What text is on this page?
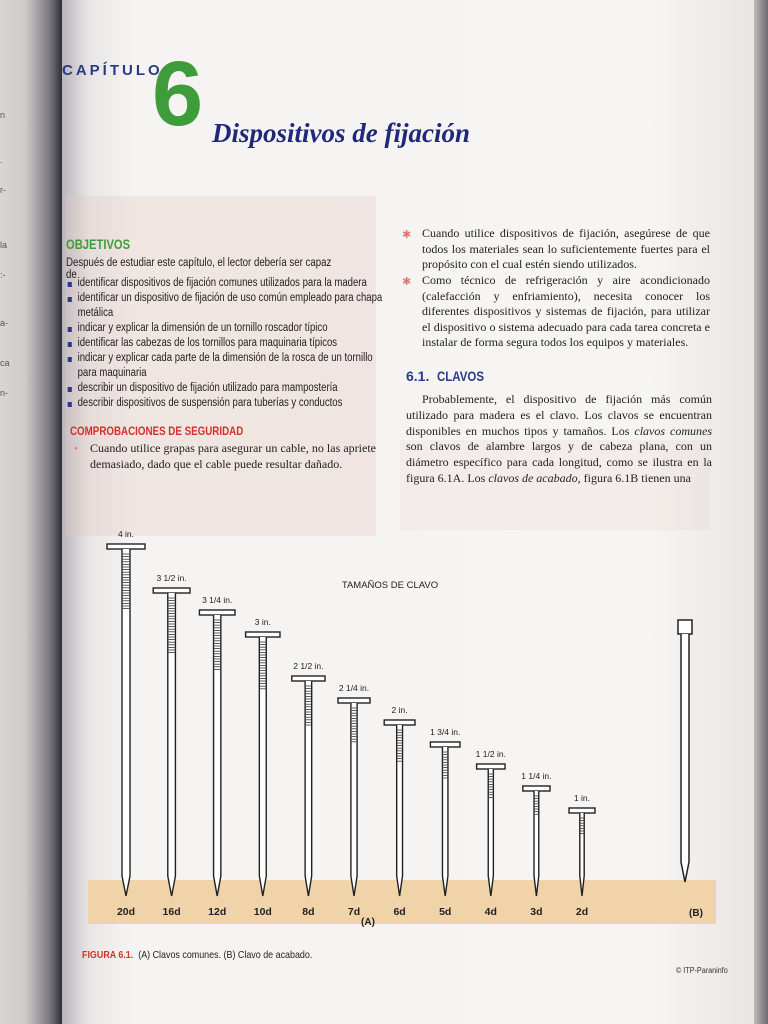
n
.
r-
la
:-
a-
ca
n-
CAPÍTULO
6 Dispositivos de fijación
OBJETIVOS
Después de estudiar este capítulo, el lector debería ser capaz de
identificar dispositivos de fijación comunes utilizados para la madera
identificar un dispositivo de fijación de uso común empleado para chapa metálica
indicar y explicar la dimensión de un tornillo roscador típico
identificar las cabezas de los tornillos para maquinaria típicos
indicar y explicar cada parte de la dimensión de la rosca de un tornillo para maquinaria
describir un dispositivo de fijación utilizado para mampostería
describir dispositivos de suspensión para tuberías y conductos
COMPROBACIONES DE SEGURIDAD
• Cuando utilice grapas para asegurar un cable, no las apriete demasiado, dado que el cable puede resultar dañado.
✱ Cuando utilice dispositivos de fijación, asegúrese de que todos los materiales sean lo suficientemente fuertes para el propósito con el cual estén siendo utilizados.
✱ Como técnico de refrigeración y aire acondicionado (calefacción y enfriamiento), necesita conocer los diferentes dispositivos y sistemas de fijación, para utilizar el dispositivo o sistema adecuado para cada tarea concreta e instalar de forma segura todos los equipos y materiales.
6.1. CLAVOS
Probablemente, el dispositivo de fijación más común utilizado para madera es el clavo. Los clavos se encuentran disponibles en muchos tipos y tamaños. Los clavos comunes son clavos de alambre largos y de cabeza plana, con un diámetro específico para cada longitud, como se ilustra en la figura 6.1A. Los clavos de acabado, figura 6.1B tienen una
TAMAÑOS DE CLAVO
(A)
(B)
4 in.
20d
3 1/2 in.
16d
3 1/4 in.
12d
3 in.
10d
2 1/2 in.
8d
2 1/4 in.
7d
2 in.
6d
1 3/4 in.
5d
1 1/2 in.
4d
1 1/4 in.
3d
1 in.
2d
FIGURA 6.1. (A) Clavos comunes. (B) Clavo de acabado.
© ITP-Paraninfo
